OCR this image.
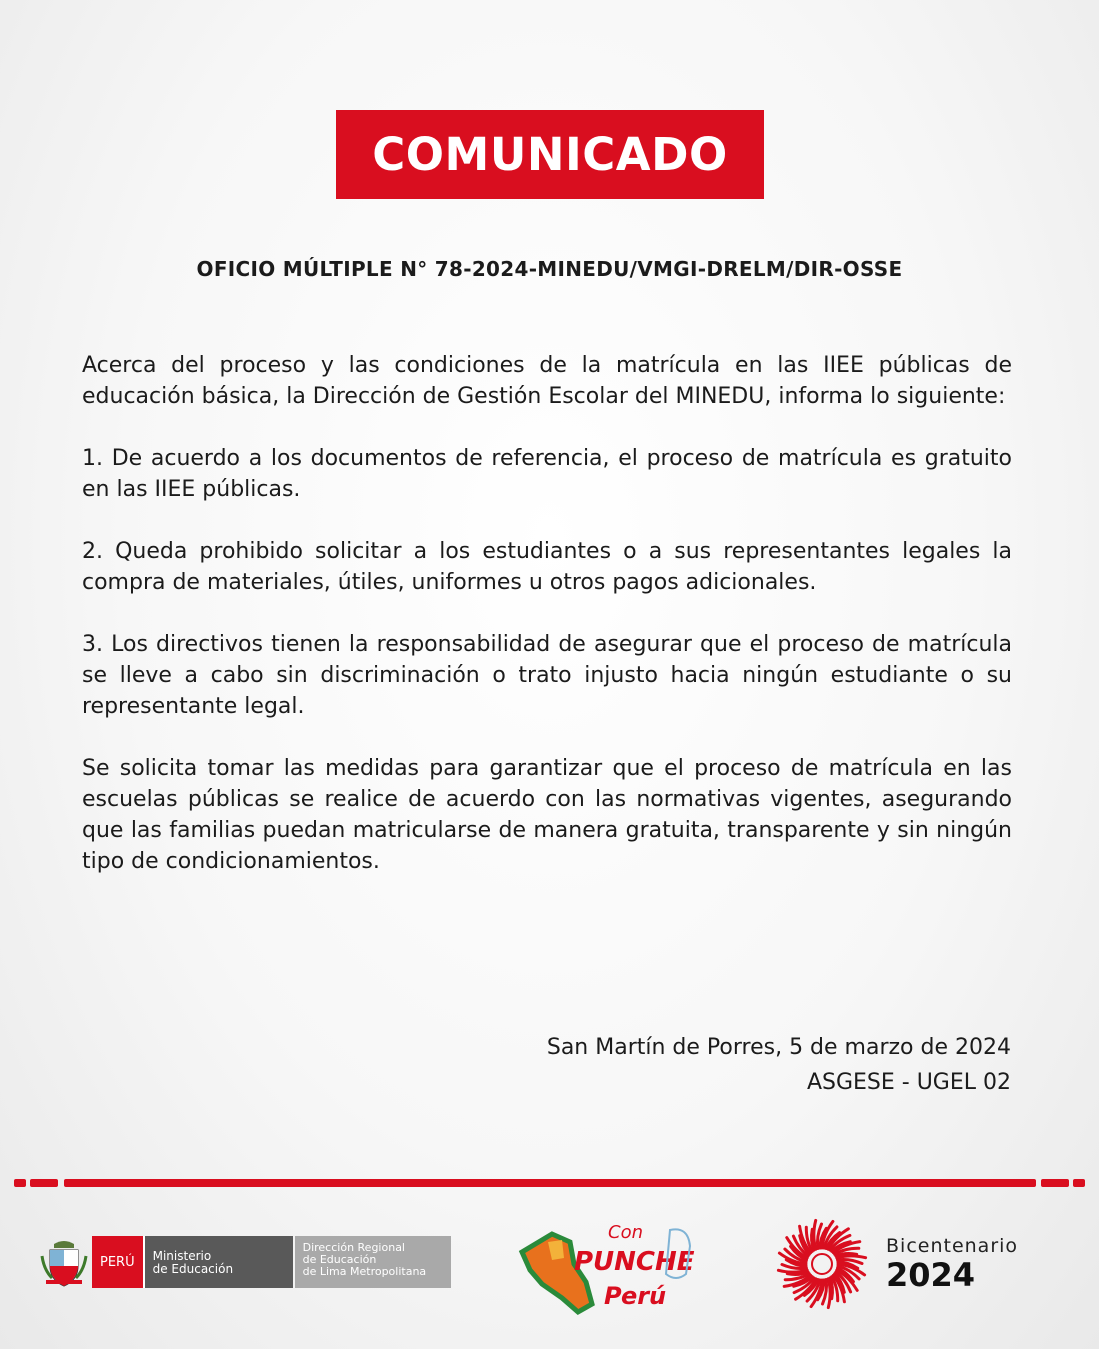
COMUNICADO
OFICIO MÚLTIPLE N° 78-2024-MINEDU/VMGI-DRELM/DIR-OSSE

Acerca del proceso y las condiciones de la matrícula en las IIEE públicas de educación básica, la Dirección de Gestión Escolar del MINEDU, informa lo siguiente:

1. De acuerdo a los documentos de referencia, el proceso de matrícula es gratuito en las IIEE públicas.

2. Queda prohibido solicitar a los estudiantes o a sus representantes legales la compra de materiales, útiles, uniformes u otros pagos adicionales.

3. Los directivos tienen la responsabilidad de asegurar que el proceso de matrícula se lleve a cabo sin discriminación o trato injusto hacia ningún estudiante o su representante legal.

Se solicita tomar las medidas para garantizar que el proceso de matrícula en las escuelas públicas se realice de acuerdo con las normativas vigentes, asegurando que las familias puedan matricularse de manera gratuita, transparente y sin ningún tipo de condicionamientos.

San Martín de Porres, 5 de marzo de 2024
ASGESE - UGEL 02
PERÚ	Ministerio
de Educación
Dirección Regional
de Educación
de Lima Metropolitana
Con
PUNCHE
Perú
Bicentenario
2024
